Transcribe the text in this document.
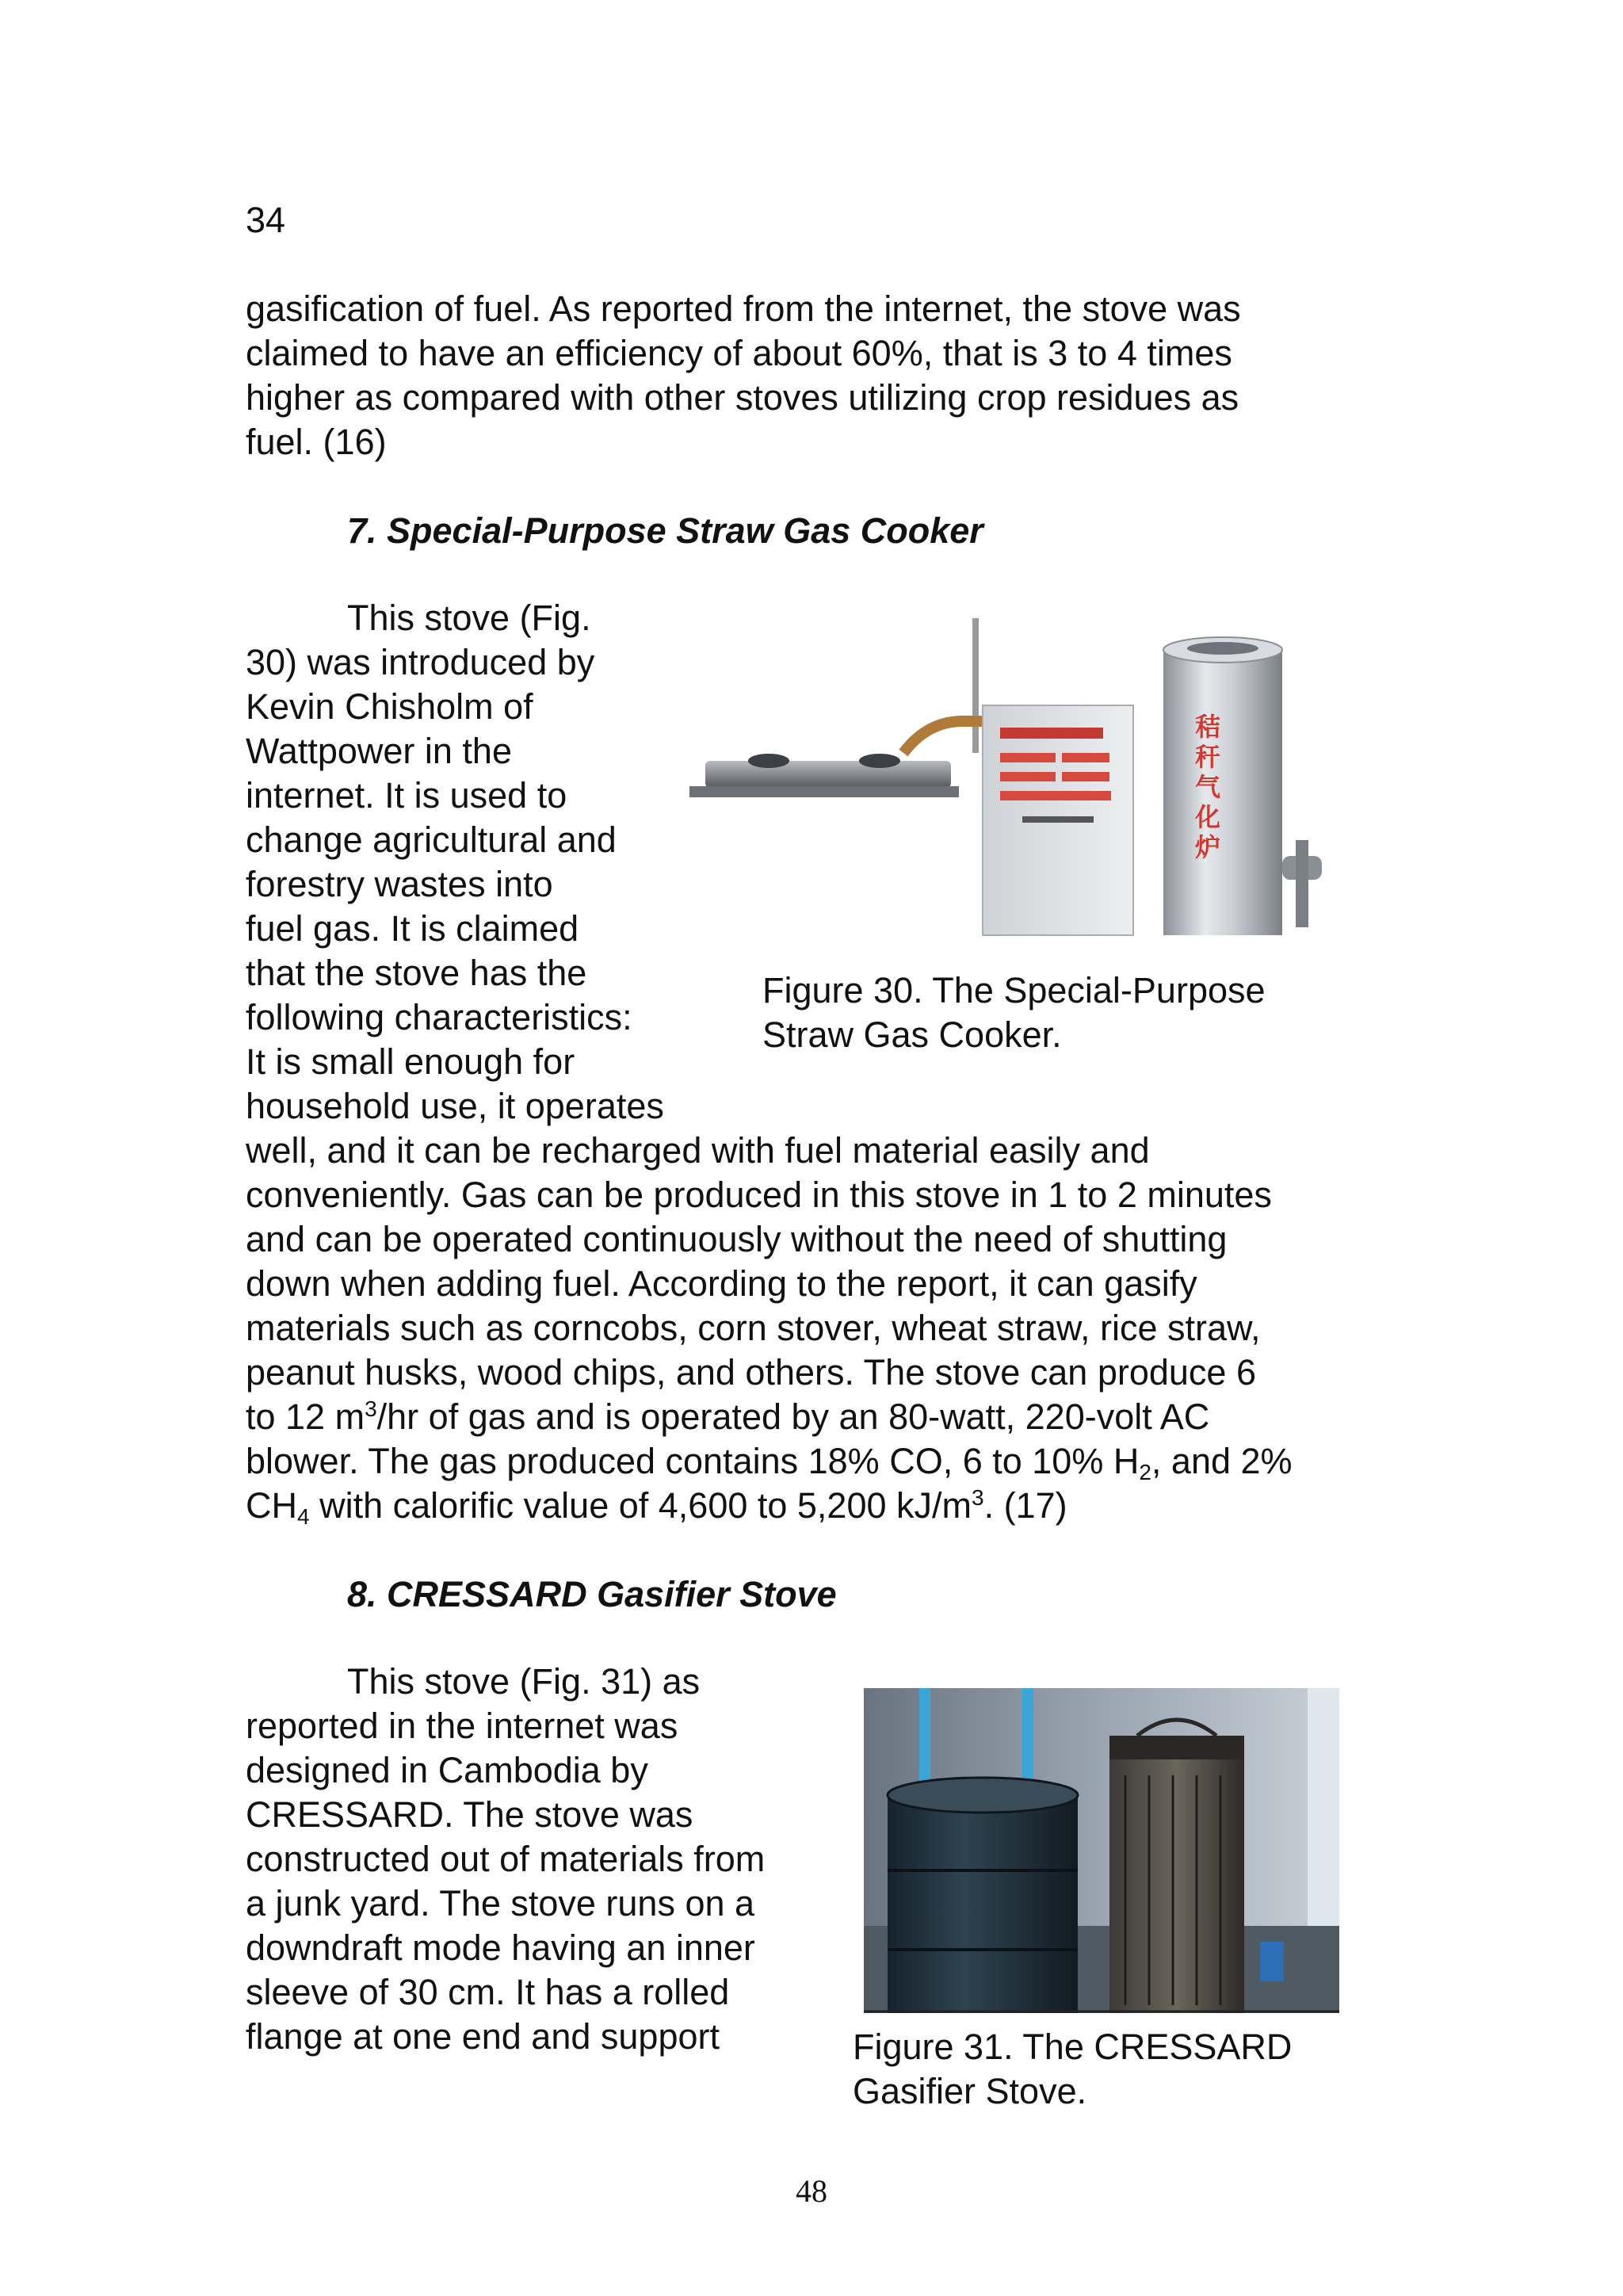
34
gasification of fuel. As reported from the internet, the stove was
claimed to have an efficiency of about 60%, that is 3 to 4 times
higher as compared with other stoves utilizing crop residues as
fuel. (16)
7. Special-Purpose Straw Gas Cooker
This stove (Fig.
30) was introduced by
Kevin Chisholm of
Wattpower in the
internet. It is used to
change agricultural and
forestry wastes into
fuel gas. It is claimed
that the stove has the
following characteristics:
It is small enough for
household use, it operates
well, and it can be recharged with fuel material easily and
conveniently. Gas can be produced in this stove in 1 to 2 minutes
and can be operated continuously without the need of shutting
down when adding fuel. According to the report, it can gasify
materials such as corncobs, corn stover, wheat straw, rice straw,
peanut husks, wood chips, and others. The stove can produce 6
to 12 $m^3/hr$ of gas and is operated by an 80-watt, 220-volt AC
blower. The gas produced contains 18% CO, 6 to 10% $H_2$, and 2%
$CH_4$ with calorific value of 4,600 to 5,200 $kJ/m^3$. (17)
秸秆气化炉
Figure 30. The Special-Purpose
Straw Gas Cooker.
8. CRESSARD Gasifier Stove
This stove (Fig. 31) as
reported in the internet was
designed in Cambodia by
CRESSARD. The stove was
constructed out of materials from
a junk yard. The stove runs on a
downdraft mode having an inner
sleeve of 30 cm. It has a rolled
flange at one end and support	Figure 31. The CRESSARD
Gasifier Stove.
48
